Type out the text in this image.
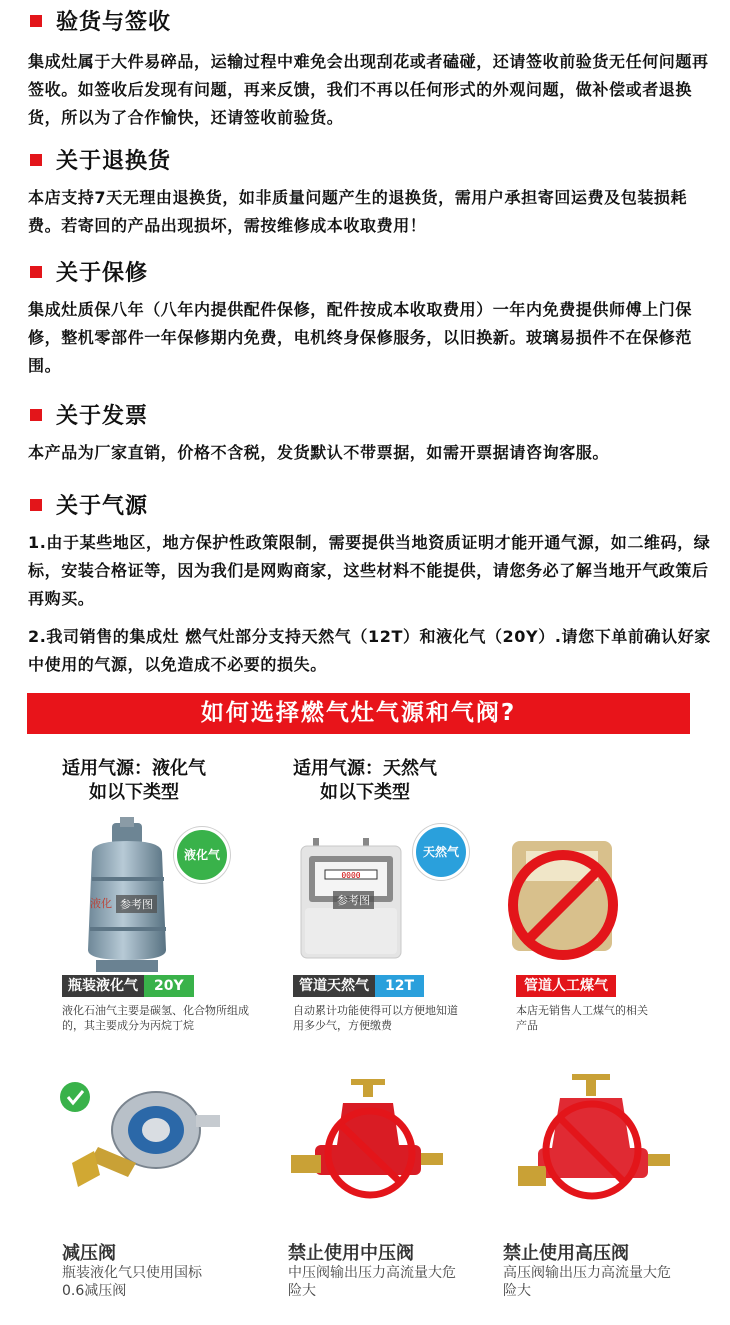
验货与签收

集成灶属于大件易碎品，运输过程中难免会出现刮花或者磕碰，还请签收前验货无任何问题再签收。如签收后发现有问题，再来反馈，我们不再以任何形式的外观问题，做补偿或者退换货，所以为了合作愉快，还请签收前验货。

关于退换货

本店支持7天无理由退换货，如非质量问题产生的退换货，需用户承担寄回运费及包装损耗费。若寄回的产品出现损坏，需按维修成本收取费用！

关于保修

集成灶质保八年（八年内提供配件保修，配件按成本收取费用）一年内免费提供师傅上门保修，整机零部件一年保修期内免费，电机终身保修服务，以旧换新。玻璃易损件不在保修范围。

关于发票

本产品为厂家直销，价格不含税，发货默认不带票据，如需开票据请咨询客服。

关于气源

1.由于某些地区，地方保护性政策限制，需要提供当地资质证明才能开通气源，如二维码，绿标，安装合格证等，因为我们是网购商家，这些材料不能提供，请您务必了解当地开气政策后再购买。

2.我司销售的集成灶 燃气灶部分支持天然气（12T）和液化气（20Y）.请您下单前确认好家中使用的气源，以免造成不必要的损失。

如何选择燃气灶气源和气阀?
适用气源：液化气
如以下类型
适用气源：天然气
如以下类型
液化 参考图
液化气
0000
参考图
天然气
瓶装液化气 20Y	管道天然气 12T	管道人工煤气
液化石油气主要是碳氢、化合物所组成的，其主要成分为丙烷丁烷
自动累计功能使得可以方便地知道用多少气，方便缴费
本店无销售人工煤气的相关产品
减压阀
瓶装液化气只使用国标0.6减压阀
禁止使用中压阀
中压阀输出压力高流量大危险大
禁止使用高压阀
高压阀输出压力高流量大危险大
